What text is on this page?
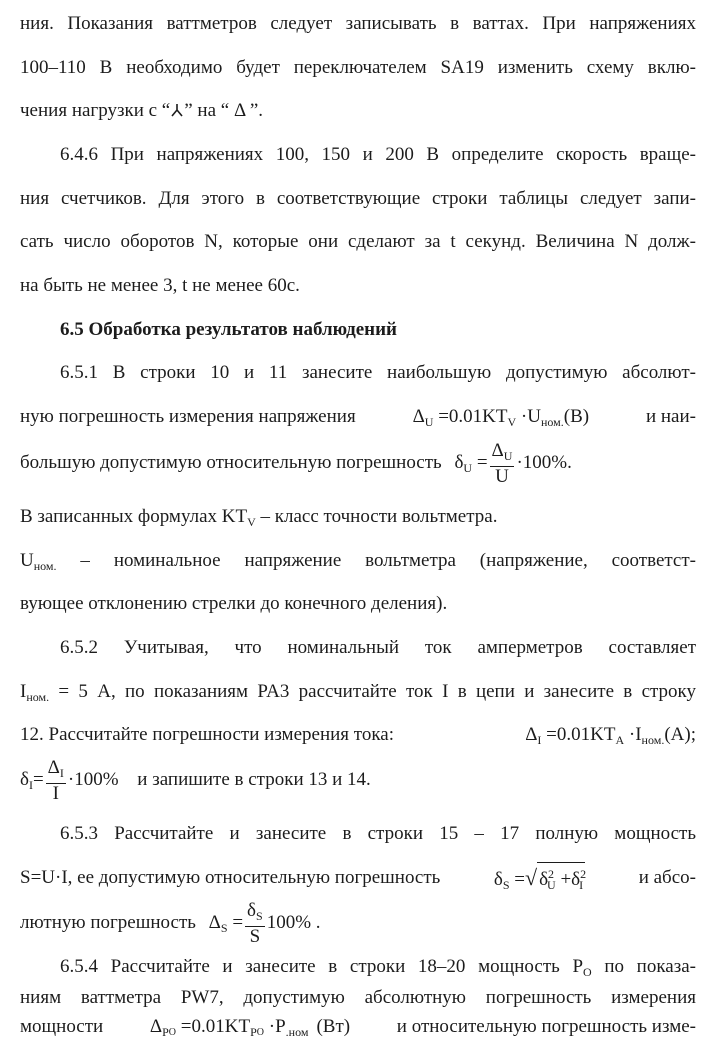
ния. Показания ваттметров следует записывать в ваттах. При напряжениях
100–110 В необходимо будет переключателем SA19 изменить схему вклю-
чения нагрузки с “ ” на “ Δ ”.
6.4.6 При напряжениях 100, 150 и 200 В определите скорость враще-
ния счетчиков. Для этого в соответствующие строки таблицы следует запи-
сать число оборотов N, которые они сделают за t секунд. Величина N долж-
на быть не менее 3, t не менее 60с.
6.5 Обработка результатов наблюдений
6.5.1 В строки 10 и 11 занесите наибольшую допустимую абсолют-
ную погрешность измерения напряжения	$\Delta_U =0.01KT_V \cdot U_{ном.}(B)$	и наи-
большую допустимую относительную погрешность $\delta_U = \frac{\Delta_U}{U} \cdot 100\%$.
В записанных формулах $KT_V$ – класс точности вольтметра.
$U_{ном.}$ – номинальное напряжение вольтметра (напряжение, соответст-
вующее отклонению стрелки до конечного деления).
6.5.2 Учитывая, что номинальный ток амперметров составляет
$I_{ном.} = 5$ А, по показаниям PA3 рассчитайте ток I в цепи и занесите в строку
12. Рассчитайте погрешности измерения тока:	$\Delta_I =0.01KT_A \cdot I_{ном.}(A)$;
$\delta_I= \frac{\Delta_I}{I} \cdot 100\%$ и запишите в строки 13 и 14.
6.5.3 Рассчитайте и занесите в строки 15 – 17 полную мощность
S=U·I, ее допустимую относительную погрешность	$\delta_S$ =√ $\delta^2_U +\delta^2_I$	и абсо-
лютную погрешность $\Delta_S = \frac{\delta_S}{S} 100\%$ .
6.5.4 Рассчитайте и занесите в строки 18–20 мощность $P_O$ по показа-
ниям ваттметра PW7, допустимую абсолютную погрешность измерения
мощности $\Delta_PO =0.01KT_PO \cdot P_{.ном}$ (Вт) и относительную погрешность изме-
